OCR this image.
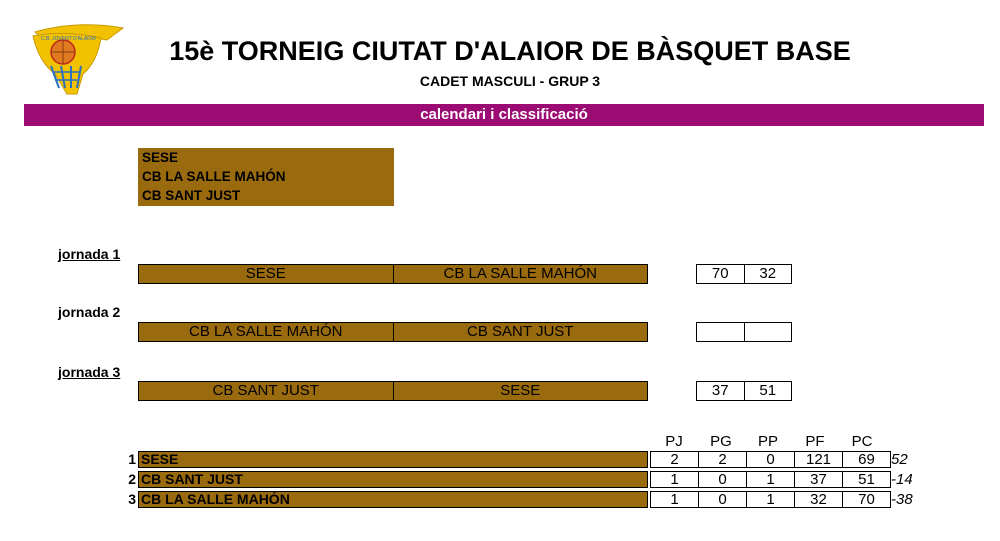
C.B. JOVENT D'ALAIOR	15è TORNEIG CIUTAT D'ALAIOR DE BÀSQUET BASE
CADET MASCULI - GRUP 3
calendari i classificació
SESE
CB LA SALLE MAHÓN
CB SANT JUST
jornada 1
SESE	CB LA SALLE MAHÓN	70	32
jornada 2
CB LA SALLE MAHÓN	CB SANT JUST
jornada 3
CB SANT JUST	SESE	37	51
PJ	PG	PP	PF	PC
1 SESE	2	2	0	121	69	52
2 CB SANT JUST	1	0	1	37	51	-14
3 CB LA SALLE MAHÓN	1	0	1	32	70	-38
